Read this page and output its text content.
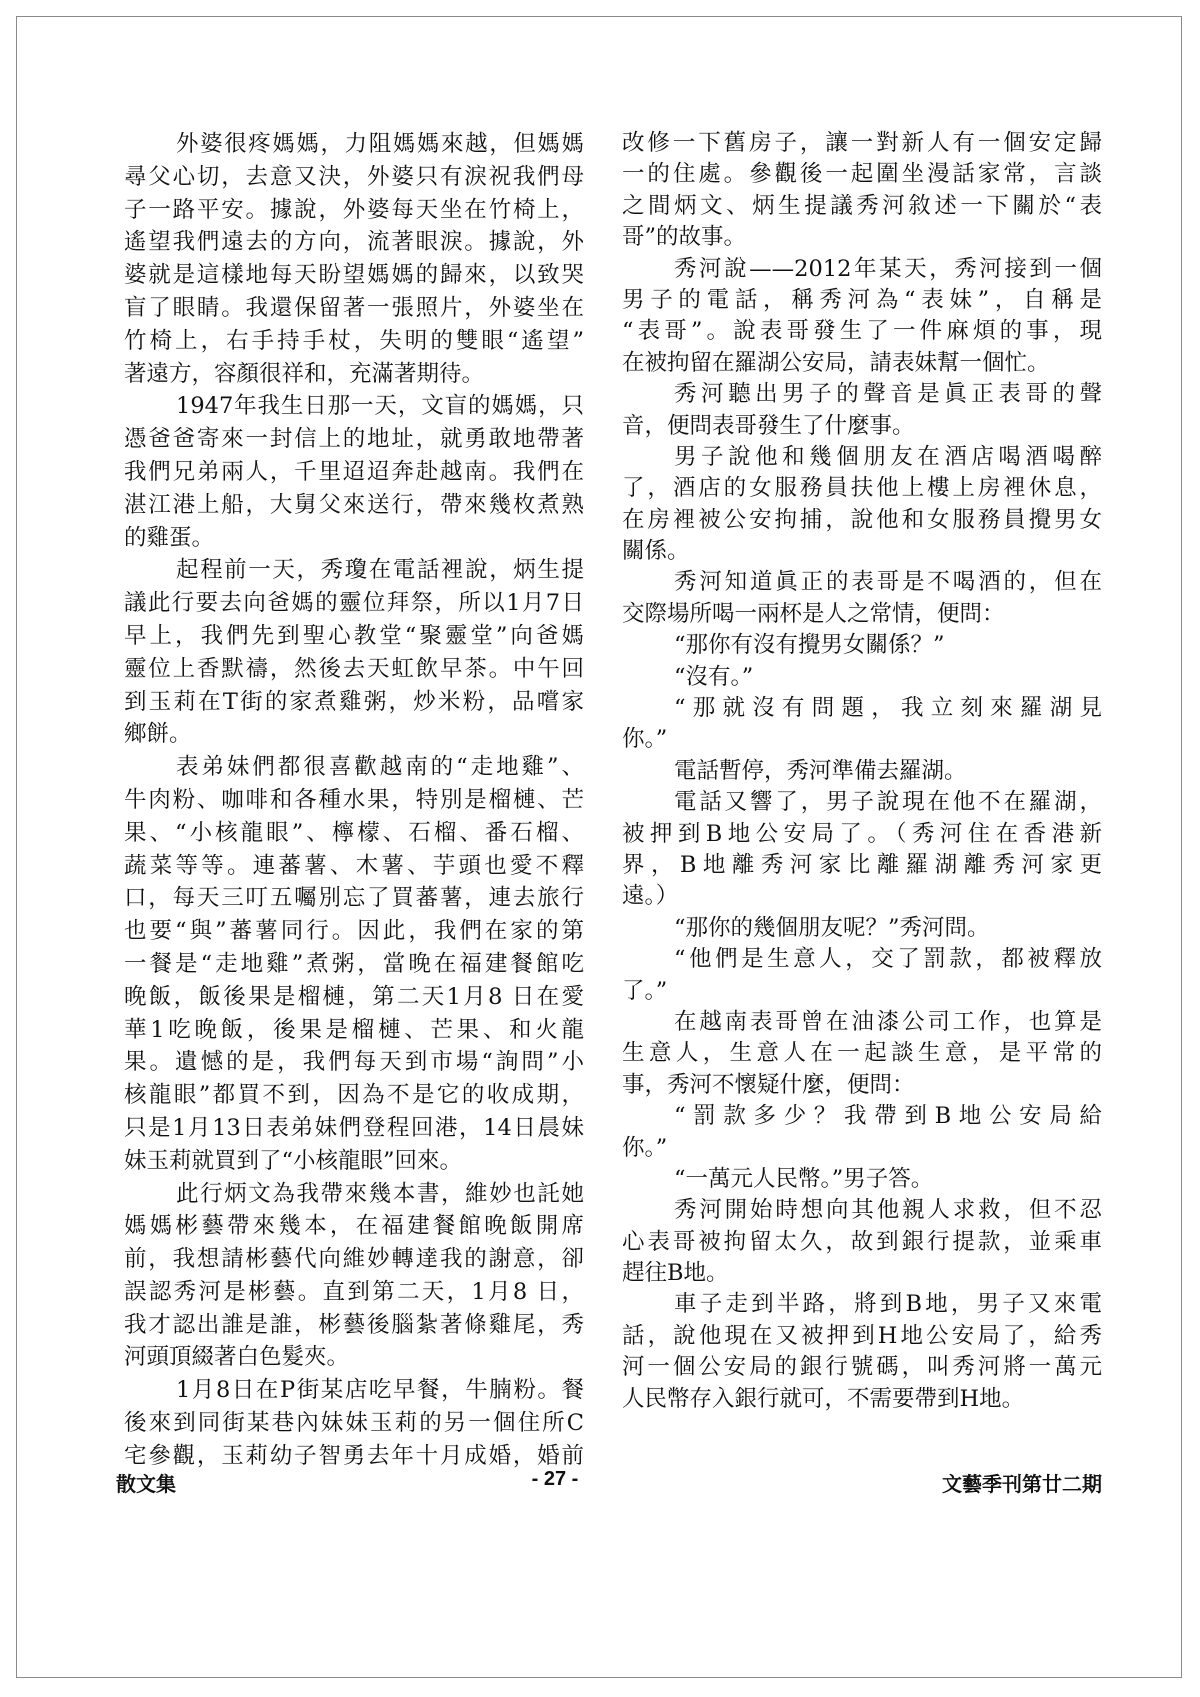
外婆很疼媽媽，力阻媽媽來越，但媽媽
尋父心切，去意又決，外婆只有淚祝我們母
子一路平安。據說，外婆每天坐在竹椅上，
遙望我們遠去的方向，流著眼淚。據說，外
婆就是這樣地每天盼望媽媽的歸來，以致哭
盲了眼睛。我還保留著一張照片，外婆坐在
竹椅上，右手持手杖，失明的雙眼“遙望”
著遠方，容顏很祥和，充滿著期待。
1947年我生日那一天，文盲的媽媽，只
憑爸爸寄來一封信上的地址，就勇敢地帶著
我們兄弟兩人，千里迢迢奔赴越南。我們在
湛江港上船，大舅父來送行，帶來幾枚煮熟
的雞蛋。
起程前一天，秀瓊在電話裡說，炳生提
議此行要去向爸媽的靈位拜祭，所以1月7日
早上，我們先到聖心教堂“聚靈堂”向爸媽
靈位上香默禱，然後去天虹飲早茶。中午回
到玉莉在T街的家煮雞粥，炒米粉，品嚐家
鄉餅。
表弟妹們都很喜歡越南的“走地雞”、
牛肉粉、咖啡和各種水果，特別是榴槤、芒
果、“小核龍眼”、檸檬、石榴、番石榴、
蔬菜等等。連蕃薯、木薯、芋頭也愛不釋
口，每天三叮五囑別忘了買蕃薯，連去旅行
也要“與”蕃薯同行。因此，我們在家的第
一餐是“走地雞”煮粥，當晚在福建餐館吃
晚飯，飯後果是榴槤，第二天1月8 日在愛
華1吃晚飯，後果是榴槤、芒果、和火龍
果。遺憾的是，我們每天到市場“詢問”小
核龍眼”都買不到，因為不是它的收成期，
只是1月13日表弟妹們登程回港，14日晨妹
妹玉莉就買到了“小核龍眼”回來。
此行炳文為我帶來幾本書，維妙也託她
媽媽彬藝帶來幾本，在福建餐館晚飯開席
前，我想請彬藝代向維妙轉達我的謝意，卻
誤認秀河是彬藝。直到第二天，1月8 日，
我才認出誰是誰，彬藝後腦紮著條雞尾，秀
河頭頂綴著白色髮夾。
1月8日在P街某店吃早餐，牛腩粉。餐
後來到同街某巷內妹妹玉莉的另一個住所C
宅參觀，玉莉幼子智勇去年十月成婚，婚前
改修一下舊房子，讓一對新人有一個安定歸
一的住處。參觀後一起圍坐漫話家常，言談
之間炳文、炳生提議秀河敘述一下關於“表
哥”的故事。
秀河說——2012年某天，秀河接到一個
男子的電話，稱秀河為“表妹”，自稱是
“表哥”。說表哥發生了一件麻煩的事，現
在被拘留在羅湖公安局，請表妹幫一個忙。
秀河聽出男子的聲音是眞正表哥的聲
音，便問表哥發生了什麼事。
男子說他和幾個朋友在酒店喝酒喝醉
了，酒店的女服務員扶他上樓上房裡休息，
在房裡被公安拘捕，說他和女服務員攪男女
關係。
秀河知道眞正的表哥是不喝酒的，但在
交際場所喝一兩杯是人之常情，便問：
“那你有沒有攪男女關係？”
“沒有。”
“那就沒有問題，我立刻來羅湖見
你。”
電話暫停，秀河準備去羅湖。
電話又響了，男子說現在他不在羅湖，
被押到B地公安局了。（秀河住在香港新
界，B地離秀河家比離羅湖離秀河家更
遠。）
“那你的幾個朋友呢？”秀河問。
“他們是生意人，交了罰款，都被釋放
了。”
在越南表哥曾在油漆公司工作，也算是
生意人，生意人在一起談生意，是平常的
事，秀河不懷疑什麼，便問：
“罰款多少？我帶到B地公安局給
你。”
“一萬元人民幣。”男子答。
秀河開始時想向其他親人求救，但不忍
心表哥被拘留太久，故到銀行提款，並乘車
趕往B地。
車子走到半路，將到B地，男子又來電
話，說他現在又被押到H地公安局了，給秀
河一個公安局的銀行號碼，叫秀河將一萬元
人民幣存入銀行就可，不需要帶到H地。
散文集	- 27 -	文藝季刊第廿二期
